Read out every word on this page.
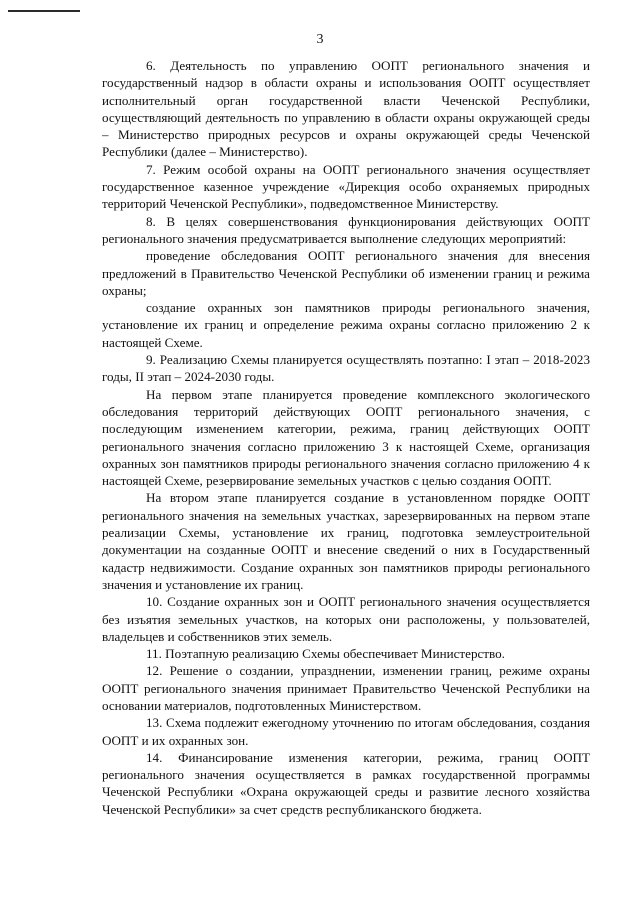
3

6. Деятельность по управлению ООПТ регионального значения и государственный надзор в области охраны и использования ООПТ осуществляет исполнительный орган государственной власти Чеченской Республики, осуществляющий деятельность по управлению в области охраны окружающей среды – Министерство природных ресурсов и охраны окружающей среды Чеченской Республики (далее – Министерство).

7. Режим особой охраны на ООПТ регионального значения осуществляет государственное казенное учреждение «Дирекция особо охраняемых природных территорий Чеченской Республики», подведомственное Министерству.

8. В целях совершенствования функционирования действующих ООПТ регионального значения предусматривается выполнение следующих мероприятий:

проведение обследования ООПТ регионального значения для внесения предложений в Правительство Чеченской Республики об изменении границ и режима охраны;

создание охранных зон памятников природы регионального значения, установление их границ и определение режима охраны согласно приложению 2 к настоящей Схеме.

9. Реализацию Схемы планируется осуществлять поэтапно: I этап – 2018-2023 годы, II этап – 2024-2030 годы.

На первом этапе планируется проведение комплексного экологического обследования территорий действующих ООПТ регионального значения, с последующим изменением категории, режима, границ действующих ООПТ регионального значения согласно приложению 3 к настоящей Схеме, организация охранных зон памятников природы регионального значения согласно приложению 4 к настоящей Схеме, резервирование земельных участков с целью создания ООПТ.

На втором этапе планируется создание в установленном порядке ООПТ регионального значения на земельных участках, зарезервированных на первом этапе реализации Схемы, установление их границ, подготовка землеустроительной документации на созданные ООПТ и внесение сведений о них в Государственный кадастр недвижимости. Создание охранных зон памятников природы регионального значения и установление их границ.

10. Создание охранных зон и ООПТ регионального значения осуществляется без изъятия земельных участков, на которых они расположены, у пользователей, владельцев и собственников этих земель.

11. Поэтапную реализацию Схемы обеспечивает Министерство.

12. Решение о создании, упразднении, изменении границ, режиме охраны ООПТ регионального значения принимает Правительство Чеченской Республики на основании материалов, подготовленных Министерством.

13. Схема подлежит ежегодному уточнению по итогам обследования, создания ООПТ и их охранных зон.

14. Финансирование изменения категории, режима, границ ООПТ регионального значения осуществляется в рамках государственной программы Чеченской Республики «Охрана окружающей среды и развитие лесного хозяйства Чеченской Республики» за счет средств республиканского бюджета.
